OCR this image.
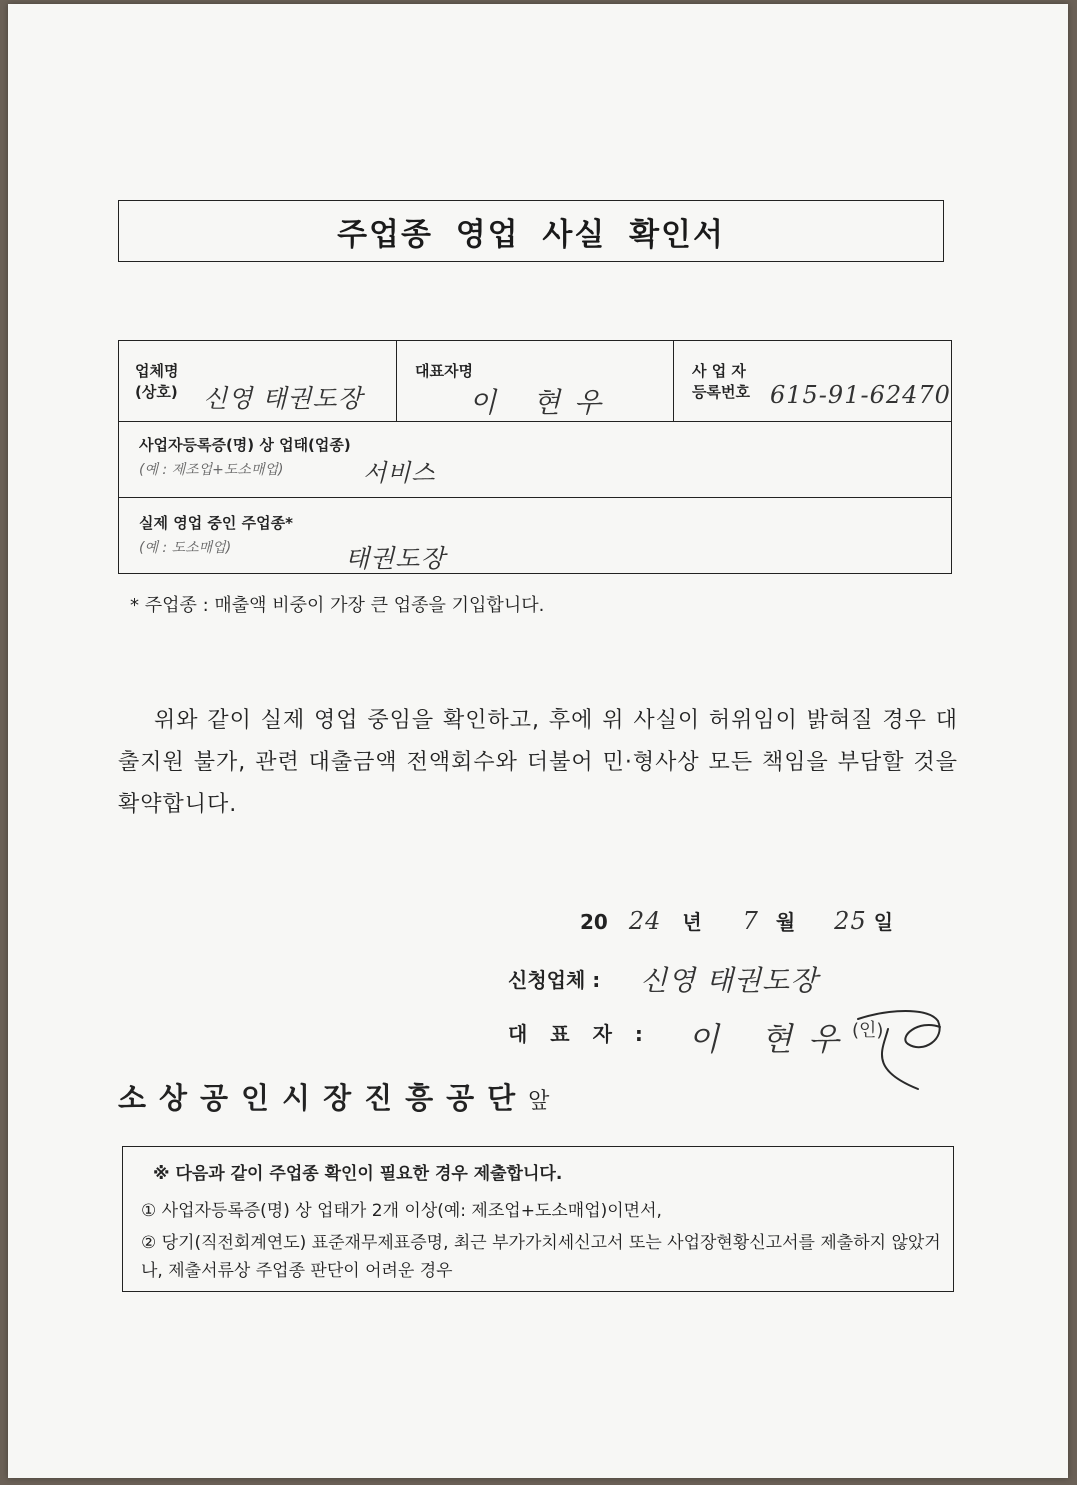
주업종 영업 사실 확인서
업체명
(상호) 신영 태권도장
대표자명
이 현우
사 업 자
등록번호 615-91-62470
사업자등록증(명) 상 업태(업종)
(예 : 제조업+도소매업)	서비스
실제 영업 중인 주업종*
(예 : 도소매업)	태권도장
* 주업종 : 매출액 비중이 가장 큰 업종을 기입합니다.
위와 같이 실제 영업 중임을 확인하고, 후에 위 사실이 허위임이 밝혀질 경우 대출지원 불가, 관련 대출금액 전액회수와 더불어 민·형사상 모든 책임을 부담할 것을 확약합니다.
20 24 년 7 월 25 일
신청업체 : 신영 태권도장
대 표 자 : 이 현우
(인)
소상공인시장진흥공단앞
※ 다음과 같이 주업종 확인이 필요한 경우 제출합니다.
① 사업자등록증(명) 상 업태가 2개 이상(예: 제조업+도소매업)이면서,
② 당기(직전회계연도) 표준재무제표증명, 최근 부가가치세신고서 또는 사업장현황신고서를 제출하지 않았거나, 제출서류상 주업종 판단이 어려운 경우
